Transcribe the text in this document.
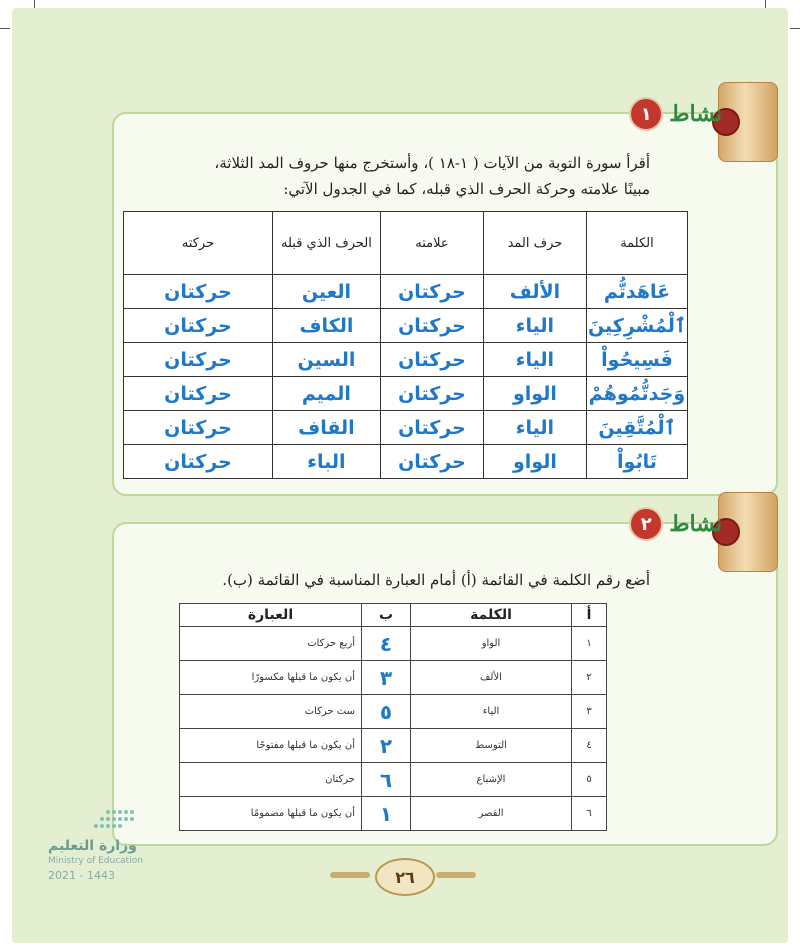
نشاط
١
أقرأ سورة التوبة من الآيات ( ١-١٨ )، وأستخرج منها حروف المد الثلاثة،
مبينًا علامته وحركة الحرف الذي قبله، كما في الجدول الآتي:
الكلمة	حرف المد	علامته	الحرف الذي قبله	حركته
عَاهَدتُّم	الألف	حركتان	العين	حركتان
ٱلْمُشْرِكِينَ	الياء	حركتان	الكاف	حركتان
فَسِيحُواْ	الياء	حركتان	السين	حركتان
وَجَدتُّمُوهُمْ	الواو	حركتان	الميم	حركتان
ٱلْمُتَّقِينَ	الياء	حركتان	القاف	حركتان
تَابُواْ	الواو	حركتان	الباء	حركتان
نشاط
٢
أضع رقم الكلمة في القائمة (أ) أمام العبارة المناسبة في القائمة (ب).
أ	الكلمة	ب	العبارة
١	الواو	٤	أربع حركات
٢	الألف	٣	أن يكون ما قبلها مكسورًا
٣	الياء	٥	ست حركات
٤	التوسط	٢	أن يكون ما قبلها مفتوحًا
٥	الإشباع	٦	حركتان
٦	القصر	١	أن يكون ما قبلها مضمومًا
وزارة التعليم
Ministry of Education
2021 - 1443	٢٦
